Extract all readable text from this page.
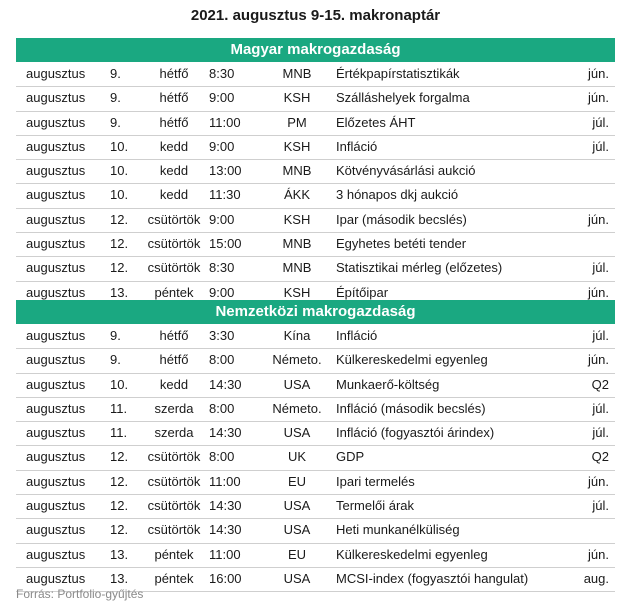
2021. augusztus 9-15. makronaptár
Magyar makrogazdaság
augusztus 9.	hétfő	8:30	MNB	Értékpapírstatisztikák	jún.
augusztus 9.	hétfő	9:00	KSH	Szálláshelyek forgalma	jún.
augusztus 9.	hétfő	11:00	PM	Előzetes ÁHT	júl.
augusztus 10.	kedd	9:00	KSH	Infláció	júl.
augusztus 10.	kedd	13:00	MNB	Kötvényvásárlási aukció
augusztus 10.	kedd	11:30	ÁKK	3 hónapos dkj aukció
augusztus 12.	csütörtök 9:00	KSH	Ipar (második becslés)	jún.
augusztus 12.	csütörtök 15:00	MNB	Egyhetes betéti tender
augusztus 12.	csütörtök 8:30	MNB	Statisztikai mérleg (előzetes)	júl.
augusztus 13.	péntek	9:00	KSH	Építőipar	jún.
Nemzetközi makrogazdaság
augusztus 9.	hétfő	3:30	Kína	Infláció	júl.
augusztus 9.	hétfő	8:00	Németo.	Külkereskedelmi egyenleg	jún.
augusztus 10.	kedd	14:30	USA	Munkaerő-költség	Q2
augusztus 11.	szerda	8:00	Németo.	Infláció (második becslés)	júl.
augusztus 11.	szerda	14:30	USA	Infláció (fogyasztói árindex)	júl.
augusztus 12.	csütörtök 8:00	UK	GDP	Q2
augusztus 12.	csütörtök 11:00	EU	Ipari termelés	jún.
augusztus 12.	csütörtök 14:30	USA	Termelői árak	júl.
augusztus 12.	csütörtök 14:30	USA	Heti munkanélküliség
augusztus 13.	péntek	11:00	EU	Külkereskedelmi egyenleg	jún.
augusztus 13.	péntek	16:00	USA	MCSI-index (fogyasztói hangulat)	aug.
Forrás: Portfolio-gyűjtés
